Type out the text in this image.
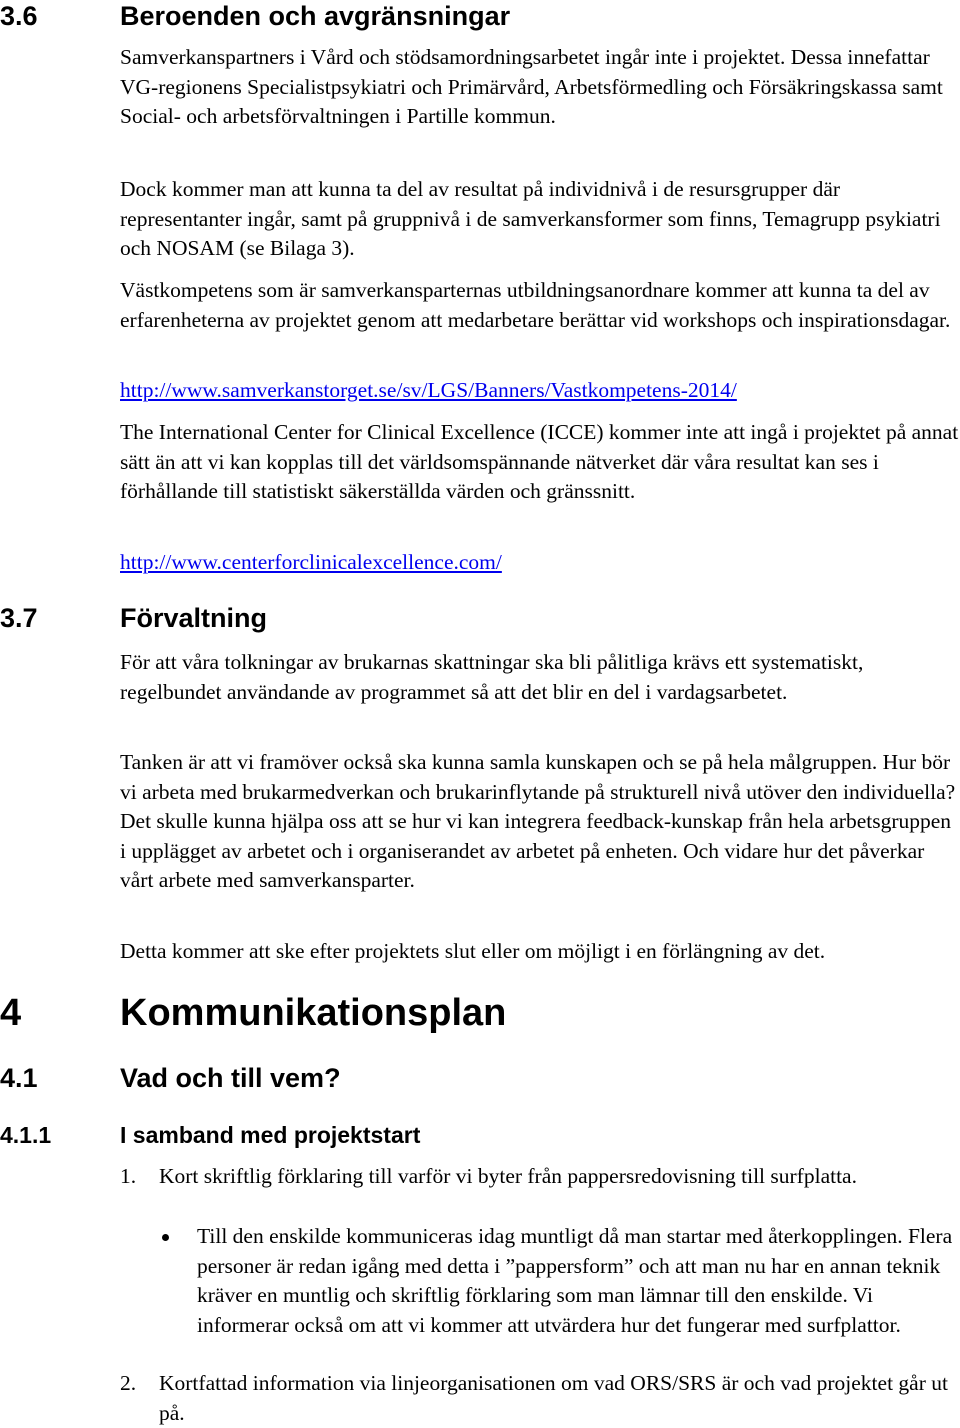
3.6	Beroenden och avgränsningar

Samverkanspartners i Vård och stödsamordningsarbetet ingår inte i projektet. Dessa innefattar VG-regionens Specialistpsykiatri och Primärvård, Arbetsförmedling och Försäkringskassa samt Social- och arbetsförvaltningen i Partille kommun.

Dock kommer man att kunna ta del av resultat på individnivå i de resursgrupper där representanter ingår, samt på gruppnivå i de samverkansformer som finns, Temagrupp psykiatri och NOSAM (se Bilaga 3).

Västkompetens som är samverkansparternas utbildningsanordnare kommer att kunna ta del av erfarenheterna av projektet genom att medarbetare berättar vid workshops och inspirationsdagar.

http://www.samverkanstorget.se/sv/LGS/Banners/Vastkompetens-2014/

The International Center for Clinical Excellence (ICCE) kommer inte att ingå i projektet på annat sätt än att vi kan kopplas till det världsomspännande nätverket där våra resultat kan ses i förhållande till statistiskt säkerställda värden och gränssnitt.

http://www.centerforclinicalexcellence.com/

3.7	Förvaltning

För att våra tolkningar av brukarnas skattningar ska bli pålitliga krävs ett systematiskt, regelbundet användande av programmet så att det blir en del i vardagsarbetet.

Tanken är att vi framöver också ska kunna samla kunskapen och se på hela målgruppen. Hur bör vi arbeta med brukarmedverkan och brukarinflytande på strukturell nivå utöver den individuella? Det skulle kunna hjälpa oss att se hur vi kan integrera feedback-kunskap från hela arbetsgruppen i upplägget av arbetet och i organiserandet av arbetet på enheten. Och vidare hur det påverkar vårt arbete med samverkansparter.

Detta kommer att ske efter projektets slut eller om möjligt i en förlängning av det.

4	Kommunikationsplan
4.1	Vad och till vem?
4.1.1	I samband med projektstart
1. Kort skriftlig förklaring till varför vi byter från pappersredovisning till surfplatta.
Till den enskilde kommuniceras idag muntligt då man startar med återkopplingen. Flera personer är redan igång med detta i ”pappersform” och att man nu har en annan teknik kräver en muntlig och skriftlig förklaring som man lämnar till den enskilde. Vi informerar också om att vi kommer att utvärdera hur det fungerar med surfplattor.
2. Kortfattad information via linjeorganisationen om vad ORS/SRS är och vad projektet går ut på.
